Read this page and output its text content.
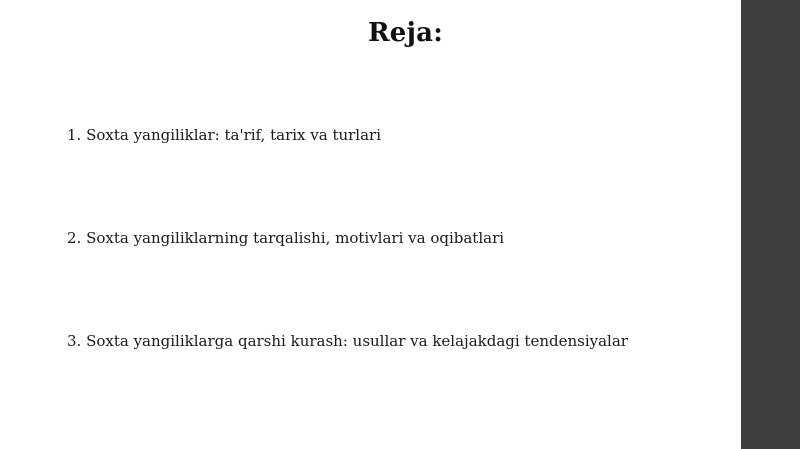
Reja:
1. Soxta yangiliklar: ta'rif, tarix va turlari
2. Soxta yangiliklarning tarqalishi, motivlari va oqibatlari
3. Soxta yangiliklarga qarshi kurash: usullar va kelajakdagi tendensiyalar
